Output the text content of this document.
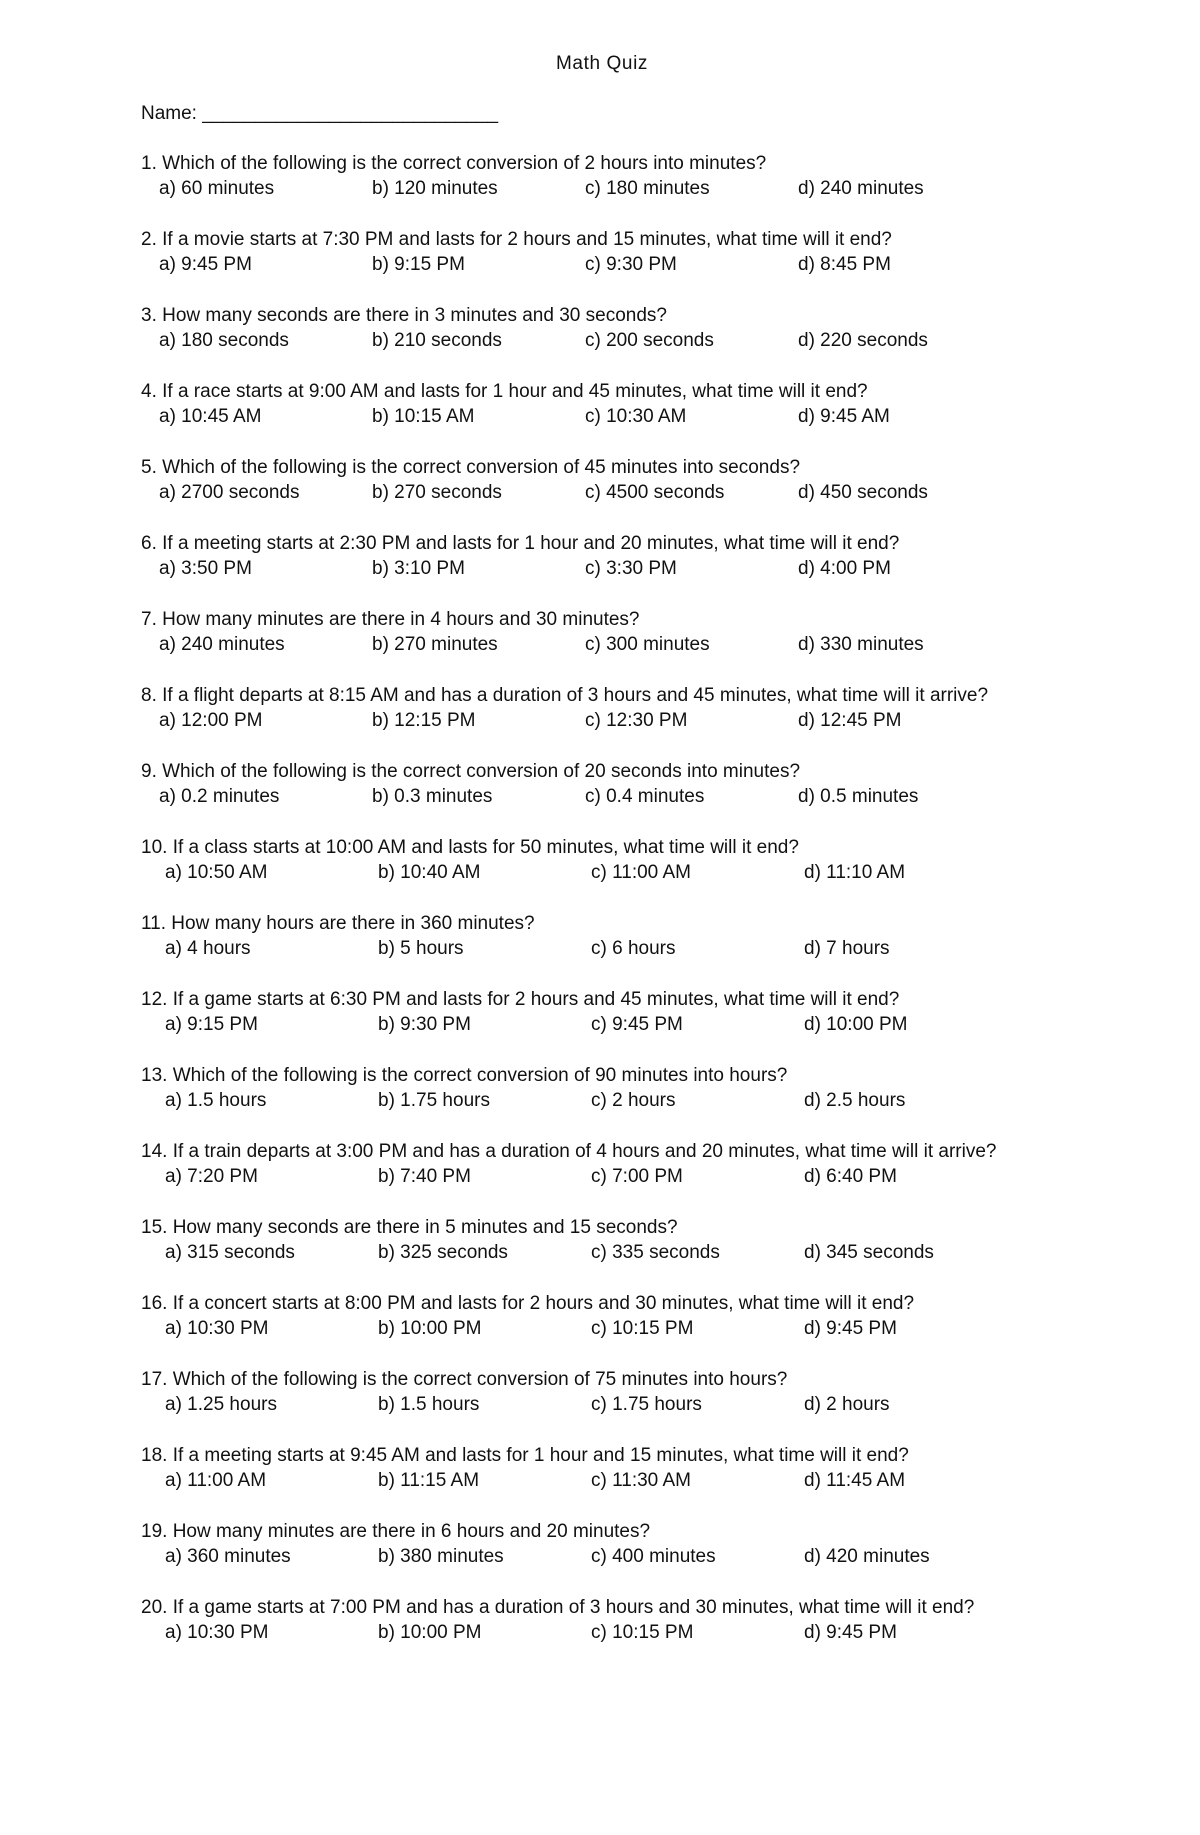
Math Quiz
Name: ____________________________
1. Which of the following is the correct conversion of 2 hours into minutes?
a) 60 minutes	b) 120 minutes	c) 180 minutes	d) 240 minutes
2. If a movie starts at 7:30 PM and lasts for 2 hours and 15 minutes, what time will it end?
a) 9:45 PM	b) 9:15 PM	c) 9:30 PM	d) 8:45 PM
3. How many seconds are there in 3 minutes and 30 seconds?
a) 180 seconds	b) 210 seconds	c) 200 seconds	d) 220 seconds
4. If a race starts at 9:00 AM and lasts for 1 hour and 45 minutes, what time will it end?
a) 10:45 AM	b) 10:15 AM	c) 10:30 AM	d) 9:45 AM
5. Which of the following is the correct conversion of 45 minutes into seconds?
a) 2700 seconds	b) 270 seconds	c) 4500 seconds	d) 450 seconds
6. If a meeting starts at 2:30 PM and lasts for 1 hour and 20 minutes, what time will it end?
a) 3:50 PM	b) 3:10 PM	c) 3:30 PM	d) 4:00 PM
7. How many minutes are there in 4 hours and 30 minutes?
a) 240 minutes	b) 270 minutes	c) 300 minutes	d) 330 minutes
8. If a flight departs at 8:15 AM and has a duration of 3 hours and 45 minutes, what time will it arrive?
a) 12:00 PM	b) 12:15 PM	c) 12:30 PM	d) 12:45 PM
9. Which of the following is the correct conversion of 20 seconds into minutes?
a) 0.2 minutes	b) 0.3 minutes	c) 0.4 minutes	d) 0.5 minutes
10. If a class starts at 10:00 AM and lasts for 50 minutes, what time will it end?
a) 10:50 AM	b) 10:40 AM	c) 11:00 AM	d) 11:10 AM
11. How many hours are there in 360 minutes?
a) 4 hours	b) 5 hours	c) 6 hours	d) 7 hours
12. If a game starts at 6:30 PM and lasts for 2 hours and 45 minutes, what time will it end?
a) 9:15 PM	b) 9:30 PM	c) 9:45 PM	d) 10:00 PM
13. Which of the following is the correct conversion of 90 minutes into hours?
a) 1.5 hours	b) 1.75 hours	c) 2 hours	d) 2.5 hours
14. If a train departs at 3:00 PM and has a duration of 4 hours and 20 minutes, what time will it arrive?
a) 7:20 PM	b) 7:40 PM	c) 7:00 PM	d) 6:40 PM
15. How many seconds are there in 5 minutes and 15 seconds?
a) 315 seconds	b) 325 seconds	c) 335 seconds	d) 345 seconds
16. If a concert starts at 8:00 PM and lasts for 2 hours and 30 minutes, what time will it end?
a) 10:30 PM	b) 10:00 PM	c) 10:15 PM	d) 9:45 PM
17. Which of the following is the correct conversion of 75 minutes into hours?
a) 1.25 hours	b) 1.5 hours	c) 1.75 hours	d) 2 hours
18. If a meeting starts at 9:45 AM and lasts for 1 hour and 15 minutes, what time will it end?
a) 11:00 AM	b) 11:15 AM	c) 11:30 AM	d) 11:45 AM
19. How many minutes are there in 6 hours and 20 minutes?
a) 360 minutes	b) 380 minutes	c) 400 minutes	d) 420 minutes
20. If a game starts at 7:00 PM and has a duration of 3 hours and 30 minutes, what time will it end?
a) 10:30 PM	b) 10:00 PM	c) 10:15 PM	d) 9:45 PM
